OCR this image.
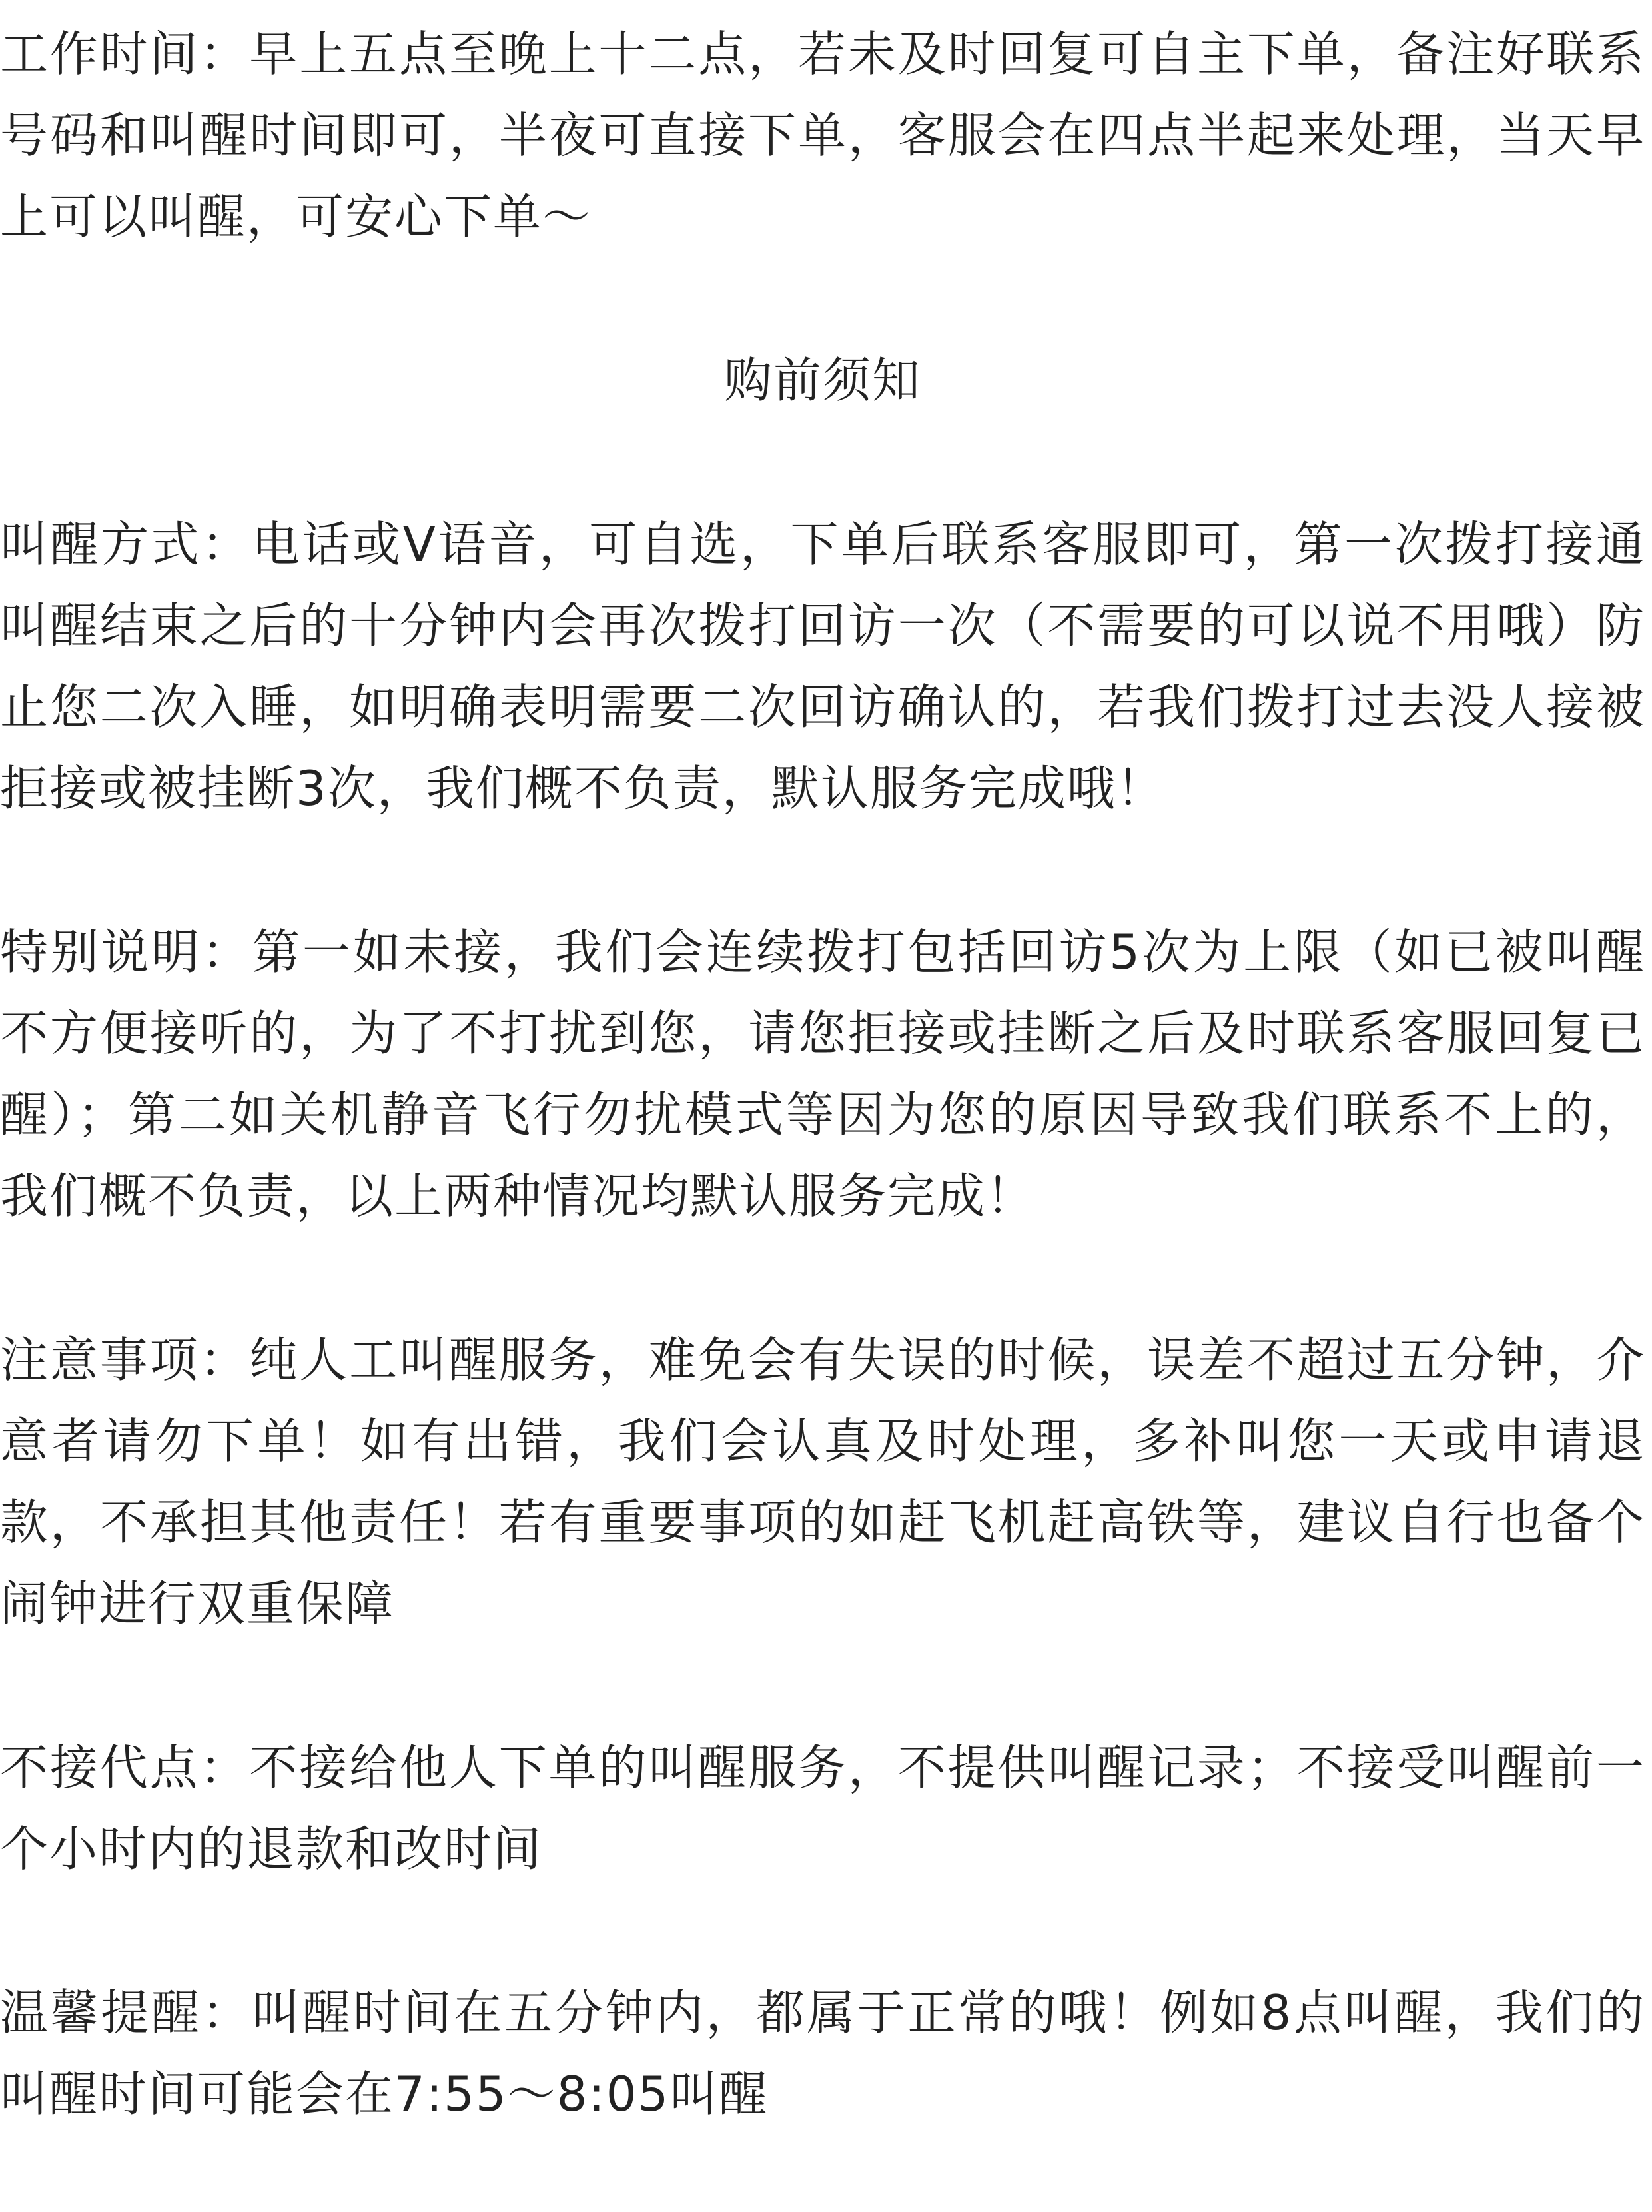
工作时间：早上五点至晚上十二点，若未及时回复可自主下单，备注好联系号码和叫醒时间即可，半夜可直接下单，客服会在四点半起来处理，当天早上可以叫醒，可安心下单～

购前须知

叫醒方式：电话或V语音，可自选，下单后联系客服即可，第一次拨打接通叫醒结束之后的十分钟内会再次拨打回访一次（不需要的可以说不用哦）防止您二次入睡，如明确表明需要二次回访确认的，若我们拨打过去没人接被拒接或被挂断3次，我们概不负责，默认服务完成哦！

特别说明：第一如未接，我们会连续拨打包括回访5次为上限（如已被叫醒不方便接听的，为了不打扰到您，请您拒接或挂断之后及时联系客服回复已醒）；第二如关机静音飞行勿扰模式等因为您的原因导致我们联系不上的，我们概不负责，以上两种情况均默认服务完成！

注意事项：纯人工叫醒服务，难免会有失误的时候，误差不超过五分钟，介意者请勿下单！如有出错，我们会认真及时处理，多补叫您一天或申请退款，不承担其他责任！若有重要事项的如赶飞机赶高铁等，建议自行也备个闹钟进行双重保障

不接代点：不接给他人下单的叫醒服务，不提供叫醒记录；不接受叫醒前一个小时内的退款和改时间

温馨提醒：叫醒时间在五分钟内，都属于正常的哦！例如8点叫醒，我们的叫醒时间可能会在7:55～8:05叫醒
